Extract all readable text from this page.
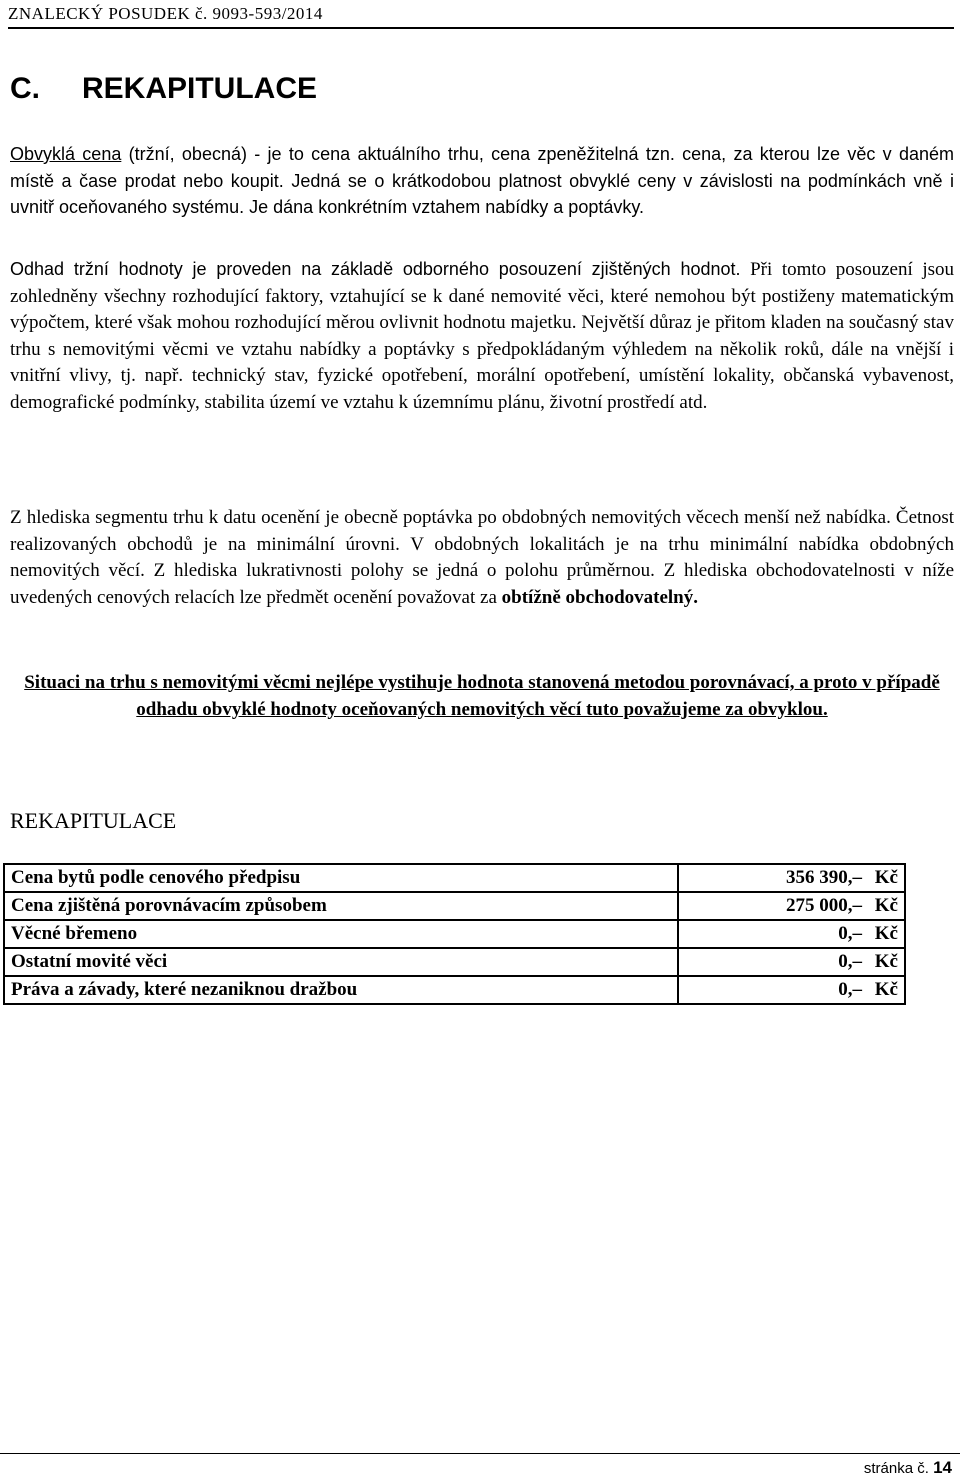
ZNALECKÝ POSUDEK č. 9093-593/2014
C. REKAPITULACE

Obvyklá cena (tržní, obecná) - je to cena aktuálního trhu, cena zpeněžitelná tzn. cena, za kterou lze věc v daném místě a čase prodat nebo koupit. Jedná se o krátkodobou platnost obvyklé ceny v závislosti na podmínkách vně i uvnitř oceňovaného systému. Je dána konkrétním vztahem nabídky a poptávky.

Odhad tržní hodnoty je proveden na základě odborného posouzení zjištěných hodnot. Při tomto posouzení jsou zohledněny všechny rozhodující faktory, vztahující se k dané nemovité věci, které nemohou být postiženy matematickým výpočtem, které však mohou rozhodující měrou ovlivnit hodnotu majetku. Největší důraz je přitom kladen na současný stav trhu s nemovitými věcmi ve vztahu nabídky a poptávky s předpokládaným výhledem na několik roků, dále na vnější i vnitřní vlivy, tj. např. technický stav, fyzické opotřebení, morální opotřebení, umístění lokality, občanská vybavenost, demografické podmínky, stabilita území ve vztahu k územnímu plánu, životní prostředí atd.

Z hlediska segmentu trhu k datu ocenění je obecně poptávka po obdobných nemovitých věcech menší než nabídka. Četnost realizovaných obchodů je na minimální úrovni. V obdobných lokalitách je na trhu minimální nabídka obdobných nemovitých věcí. Z hlediska lukrativnosti polohy se jedná o polohu průměrnou. Z hlediska obchodovatelnosti v níže uvedených cenových relacích lze předmět ocenění považovat za obtížně obchodovatelný.

Situaci na trhu s nemovitými věcmi nejlépe vystihuje hodnota stanovená metodou porovnávací, a proto v případě odhadu obvyklé hodnoty oceňovaných nemovitých věcí tuto považujeme za obvyklou.

REKAPITULACE
Cena bytů podle cenového předpisu	356 390,– Kč
Cena zjištěná porovnávacím způsobem	275 000,– Kč
Věcné břemeno	0,– Kč
Ostatní movité věci	0,– Kč
Práva a závady, které nezaniknou dražbou	0,– Kč
stránka č. 14
